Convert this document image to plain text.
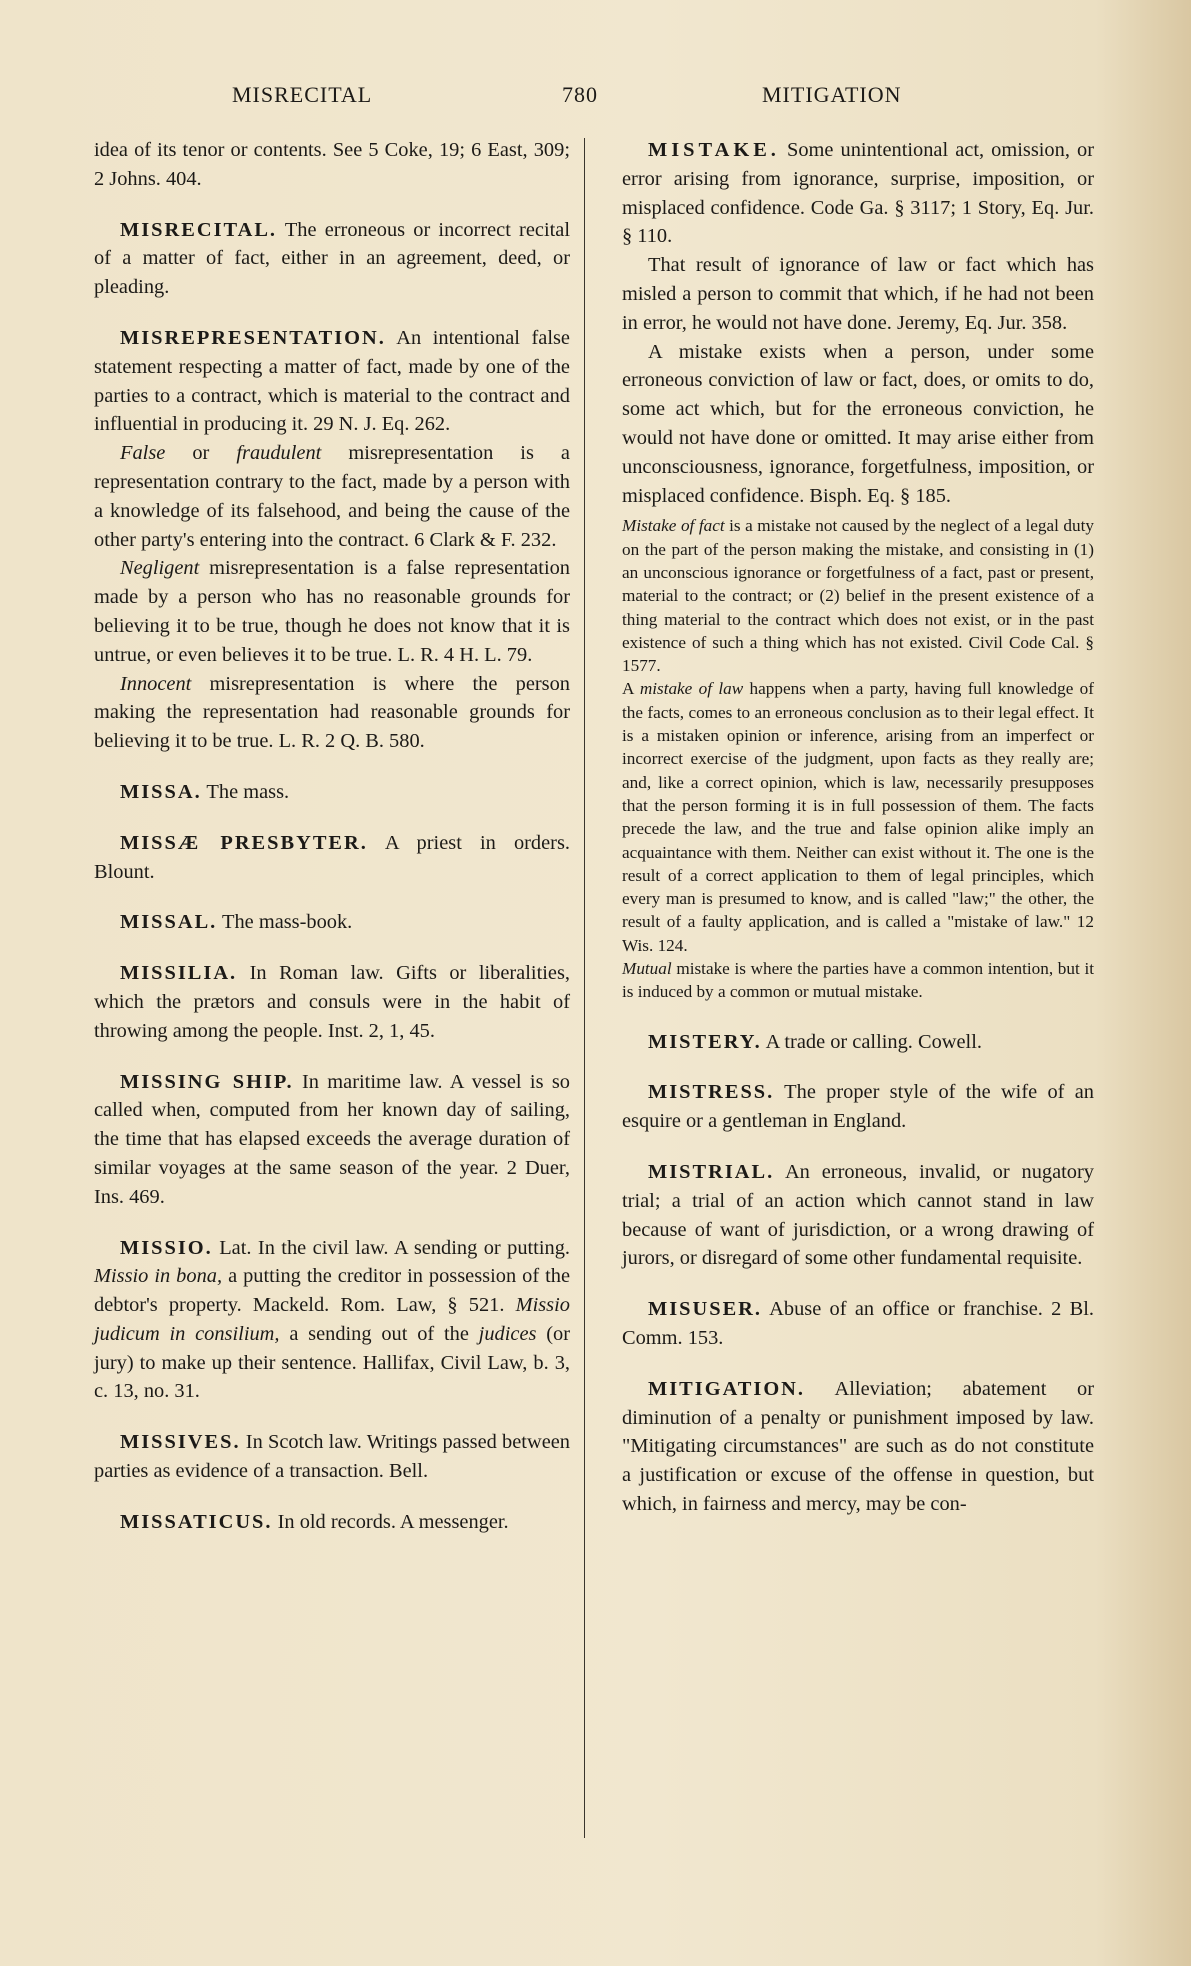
MISRECITAL	780	MITIGATION

idea of its tenor or contents. See 5 Coke, 19; 6 East, 309; 2 Johns. 404.

MISRECITAL. The erroneous or incorrect recital of a matter of fact, either in an agreement, deed, or pleading.

MISREPRESENTATION. An intentional false statement respecting a matter of fact, made by one of the parties to a contract, which is material to the contract and influential in producing it. 29 N. J. Eq. 262.

False or fraudulent misrepresentation is a representation contrary to the fact, made by a person with a knowledge of its falsehood, and being the cause of the other party's entering into the contract. 6 Clark & F. 232.

Negligent misrepresentation is a false representation made by a person who has no reasonable grounds for believing it to be true, though he does not know that it is untrue, or even believes it to be true. L. R. 4 H. L. 79.

Innocent misrepresentation is where the person making the representation had reasonable grounds for believing it to be true. L. R. 2 Q. B. 580.

MISSA. The mass.

MISSÆ PRESBYTER. A priest in orders. Blount.

MISSAL. The mass-book.

MISSILIA. In Roman law. Gifts or liberalities, which the prætors and consuls were in the habit of throwing among the people. Inst. 2, 1, 45.

MISSING SHIP. In maritime law. A vessel is so called when, computed from her known day of sailing, the time that has elapsed exceeds the average duration of similar voyages at the same season of the year. 2 Duer, Ins. 469.

MISSIO. Lat. In the civil law. A sending or putting. Missio in bona, a putting the creditor in possession of the debtor's property. Mackeld. Rom. Law, § 521. Missio judicum in consilium, a sending out of the judices (or jury) to make up their sentence. Hallifax, Civil Law, b. 3, c. 13, no. 31.

MISSIVES. In Scotch law. Writings passed between parties as evidence of a transaction. Bell.

MISSATICUS. In old records. A messenger.

MISTAKE. Some unintentional act, omission, or error arising from ignorance, surprise, imposition, or misplaced confidence. Code Ga. § 3117; 1 Story, Eq. Jur. § 110.

That result of ignorance of law or fact which has misled a person to commit that which, if he had not been in error, he would not have done. Jeremy, Eq. Jur. 358.

A mistake exists when a person, under some erroneous conviction of law or fact, does, or omits to do, some act which, but for the erroneous conviction, he would not have done or omitted. It may arise either from unconsciousness, ignorance, forgetfulness, imposition, or misplaced confidence. Bisph. Eq. § 185.

Mistake of fact is a mistake not caused by the neglect of a legal duty on the part of the person making the mistake, and consisting in (1) an unconscious ignorance or forgetfulness of a fact, past or present, material to the contract; or (2) belief in the present existence of a thing material to the contract which does not exist, or in the past existence of such a thing which has not existed. Civil Code Cal. § 1577.

A mistake of law happens when a party, having full knowledge of the facts, comes to an erroneous conclusion as to their legal effect. It is a mistaken opinion or inference, arising from an imperfect or incorrect exercise of the judgment, upon facts as they really are; and, like a correct opinion, which is law, necessarily presupposes that the person forming it is in full possession of them. The facts precede the law, and the true and false opinion alike imply an acquaintance with them. Neither can exist without it. The one is the result of a correct application to them of legal principles, which every man is presumed to know, and is called "law;" the other, the result of a faulty application, and is called a "mistake of law." 12 Wis. 124.

Mutual mistake is where the parties have a common intention, but it is induced by a common or mutual mistake.

MISTERY. A trade or calling. Cowell.

MISTRESS. The proper style of the wife of an esquire or a gentleman in England.

MISTRIAL. An erroneous, invalid, or nugatory trial; a trial of an action which cannot stand in law because of want of jurisdiction, or a wrong drawing of jurors, or disregard of some other fundamental requisite.

MISUSER. Abuse of an office or franchise. 2 Bl. Comm. 153.

MITIGATION. Alleviation; abatement or diminution of a penalty or punishment imposed by law. "Mitigating circumstances" are such as do not constitute a justification or excuse of the offense in question, but which, in fairness and mercy, may be con-
